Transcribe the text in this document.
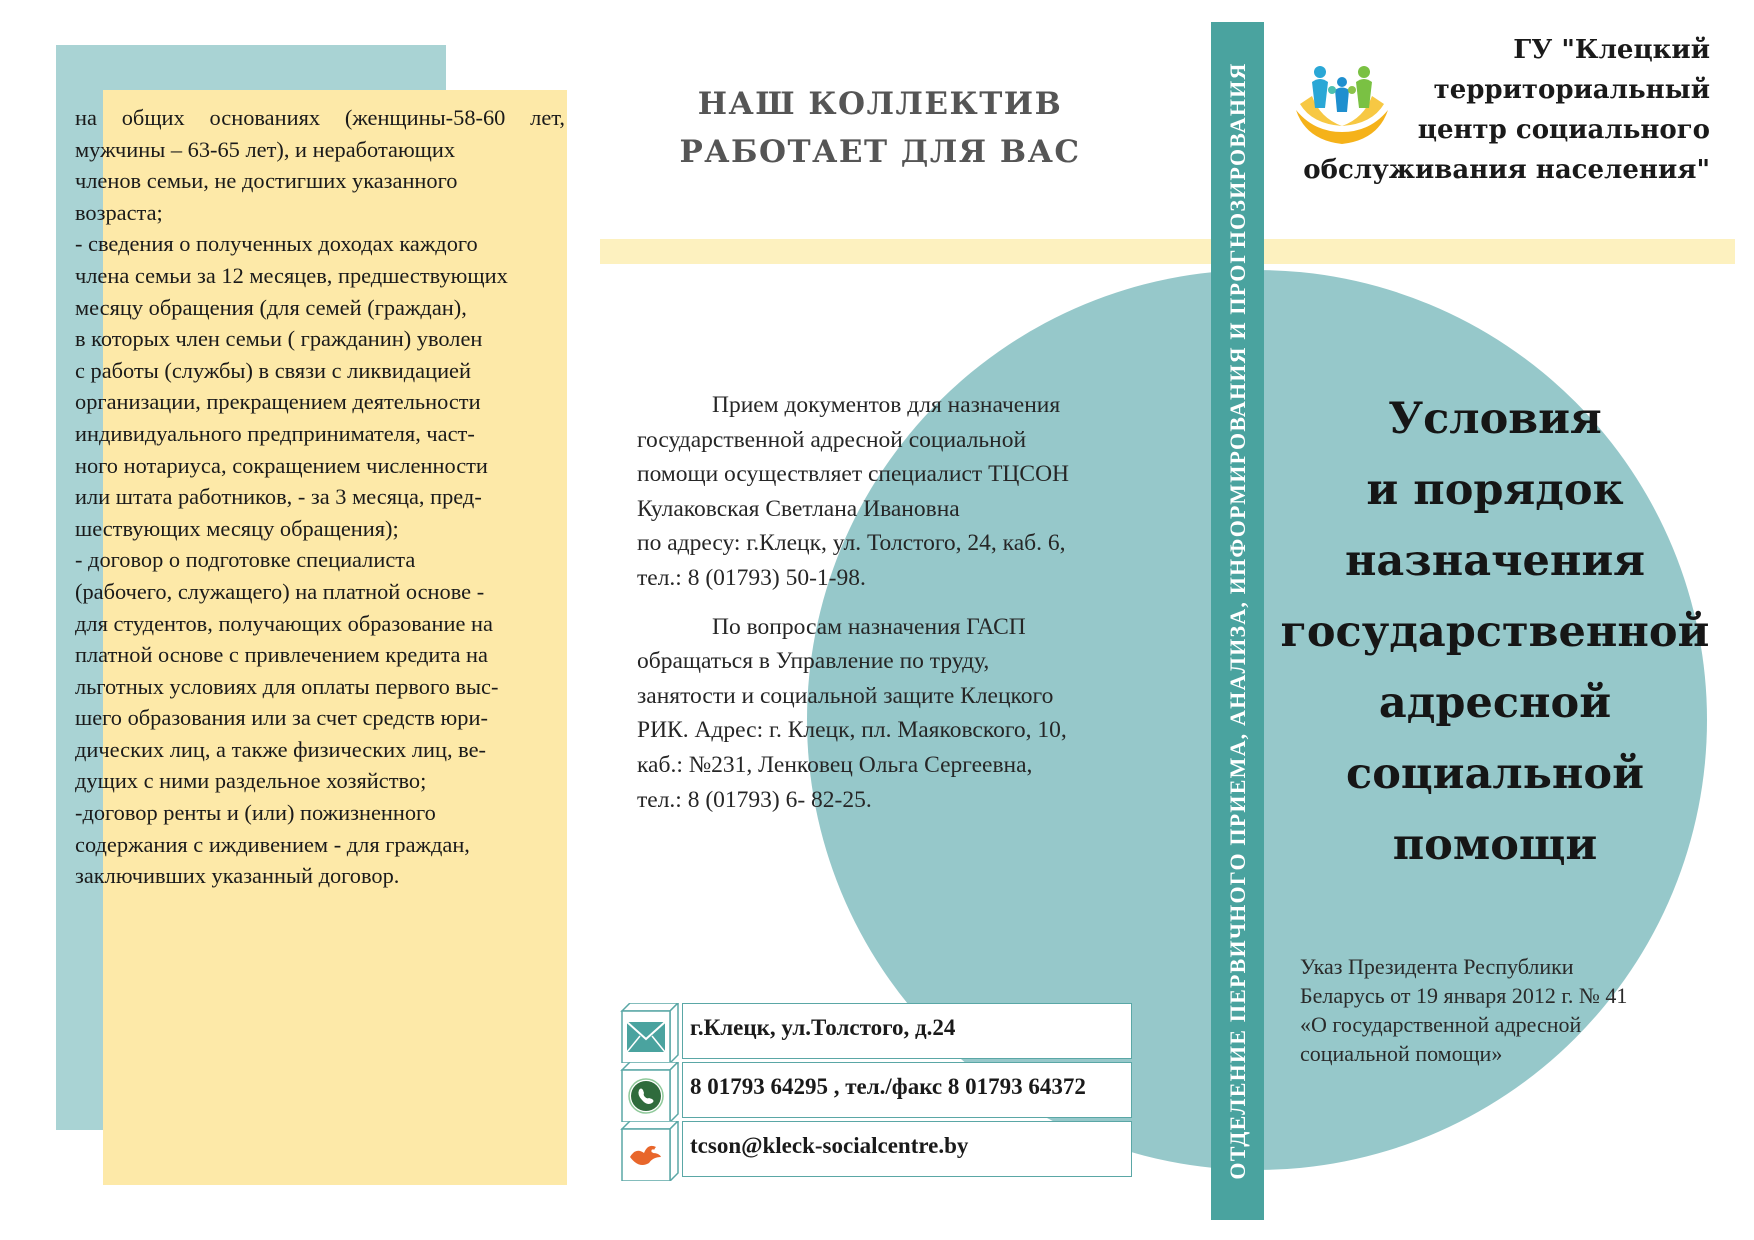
на общих основаниях (женщины-58-60 лет,
мужчины – 63-65 лет), и неработающих
членов семьи, не достигших указанного
возраста;
- сведения о полученных доходах каждого
члена семьи за 12 месяцев, предшествующих
месяцу обращения (для семей (граждан),
в которых член семьи ( гражданин) уволен
с работы (службы) в связи с ликвидацией
организации, прекращением деятельности
индивидуального предпринимателя, част-
ного нотариуса, сокращением численности
или штата работников, - за 3 месяца, пред-
шествующих месяцу обращения);
- договор о подготовке специалиста
(рабочего, служащего) на платной основе -
для студентов, получающих образование на
платной основе с привлечением кредита на
льготных условиях для оплаты первого выс-
шего образования или за счет средств юри-
дических лиц, а также физических лиц, ве-
дущих с ними раздельное хозяйство;
-договор ренты и (или) пожизненного
содержания с иждивением - для граждан,
заключивших указанный договор.
НАШ КОЛЛЕКТИВ
РАБОТАЕТ ДЛЯ ВАС
Прием документов для назначения
государственной адресной социальной
помощи осуществляет специалист ТЦСОН
Кулаковская Светлана Ивановна
по адресу: г.Клецк, ул. Толстого, 24, каб. 6,
тел.: 8 (01793) 50-1-98.
По вопросам назначения ГАСП
обращаться в Управление по труду,
занятости и социальной защите Клецкого
РИК. Адрес: г. Клецк, пл. Маяковского, 10,
каб.: №231, Ленковец Ольга Сергеевна,
тел.: 8 (01793) 6- 82-25.
г.Клецк, ул.Толстого, д.24
8 01793 64295 , тел./факс 8 01793 64372
tcson@kleck-socialcentre.by	ОТДЕЛЕНИЕ ПЕРВИЧНОГО ПРИЕМА, АНАЛИЗА, ИНФОРМИРОВАНИЯ И ПРОГНОЗИРОВАНИЯ
ГУ "Клецкий
территориальный
центр социального
обслуживания населения"
Условия
и порядок
назначения
государственной
адресной
социальной
помощи
Указ Президента Республики
Беларусь от 19 января 2012 г. № 41
«О государственной адресной
социальной помощи»
